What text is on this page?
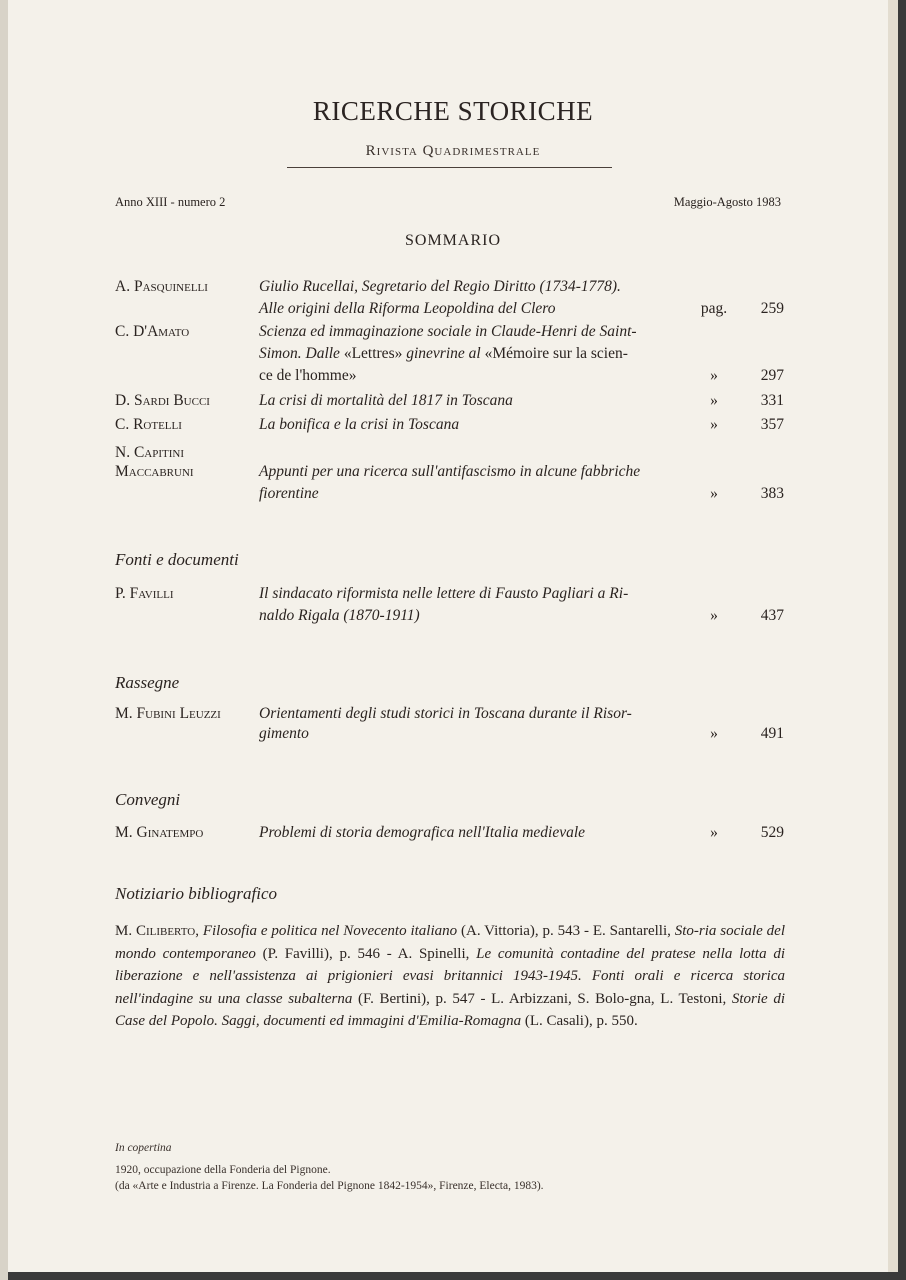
RICERCHE STORICHE
Rivista Quadrimestrale
Anno XIII - numero 2	Maggio-Agosto 1983
SOMMARIO
A. Pasquinelli	Giulio Rucellai, Segretario del Regio Diritto (1734-1778).
Alle origini della Riforma Leopoldina del Clero	pag.	259
C. D'Amato	Scienza ed immaginazione sociale in Claude-Henri de Saint-
Simon. Dalle «Lettres» ginevrine al «Mémoire sur la scien-
ce de l'homme»	»	297
D. Sardi Bucci	La crisi di mortalità del 1817 in Toscana	»	331
C. Rotelli	La bonifica e la crisi in Toscana	»	357
N. Capitini
Maccabruni	Appunti per una ricerca sull'antifascismo in alcune fabbriche
fiorentine	»	383
Fonti e documenti
P. Favilli	Il sindacato riformista nelle lettere di Fausto Pagliari a Ri-
naldo Rigala (1870-1911)	»	437
Rassegne
M. Fubini Leuzzi	Orientamenti degli studi storici in Toscana durante il Risor-
gimento	»	491
Convegni
M. Ginatempo	Problemi di storia demografica nell'Italia medievale	»	529
Notiziario bibliografico
M. Ciliberto, Filosofia e politica nel Novecento italiano (A. Vittoria), p. 543 - E. Santarelli, Sto-ria sociale del mondo contemporaneo (P. Favilli), p. 546 - A. Spinelli, Le comunità contadine del pratese nella lotta di liberazione e nell'assistenza ai prigionieri evasi britannici 1943-1945. Fonti orali e ricerca storica nell'indagine su una classe subalterna (F. Bertini), p. 547 - L. Arbizzani, S. Bolo-gna, L. Testoni, Storie di Case del Popolo. Saggi, documenti ed immagini d'Emilia-Romagna (L. Casali), p. 550.
In copertina
1920, occupazione della Fonderia del Pignone.
(da «Arte e Industria a Firenze. La Fonderia del Pignone 1842-1954», Firenze, Electa, 1983).
